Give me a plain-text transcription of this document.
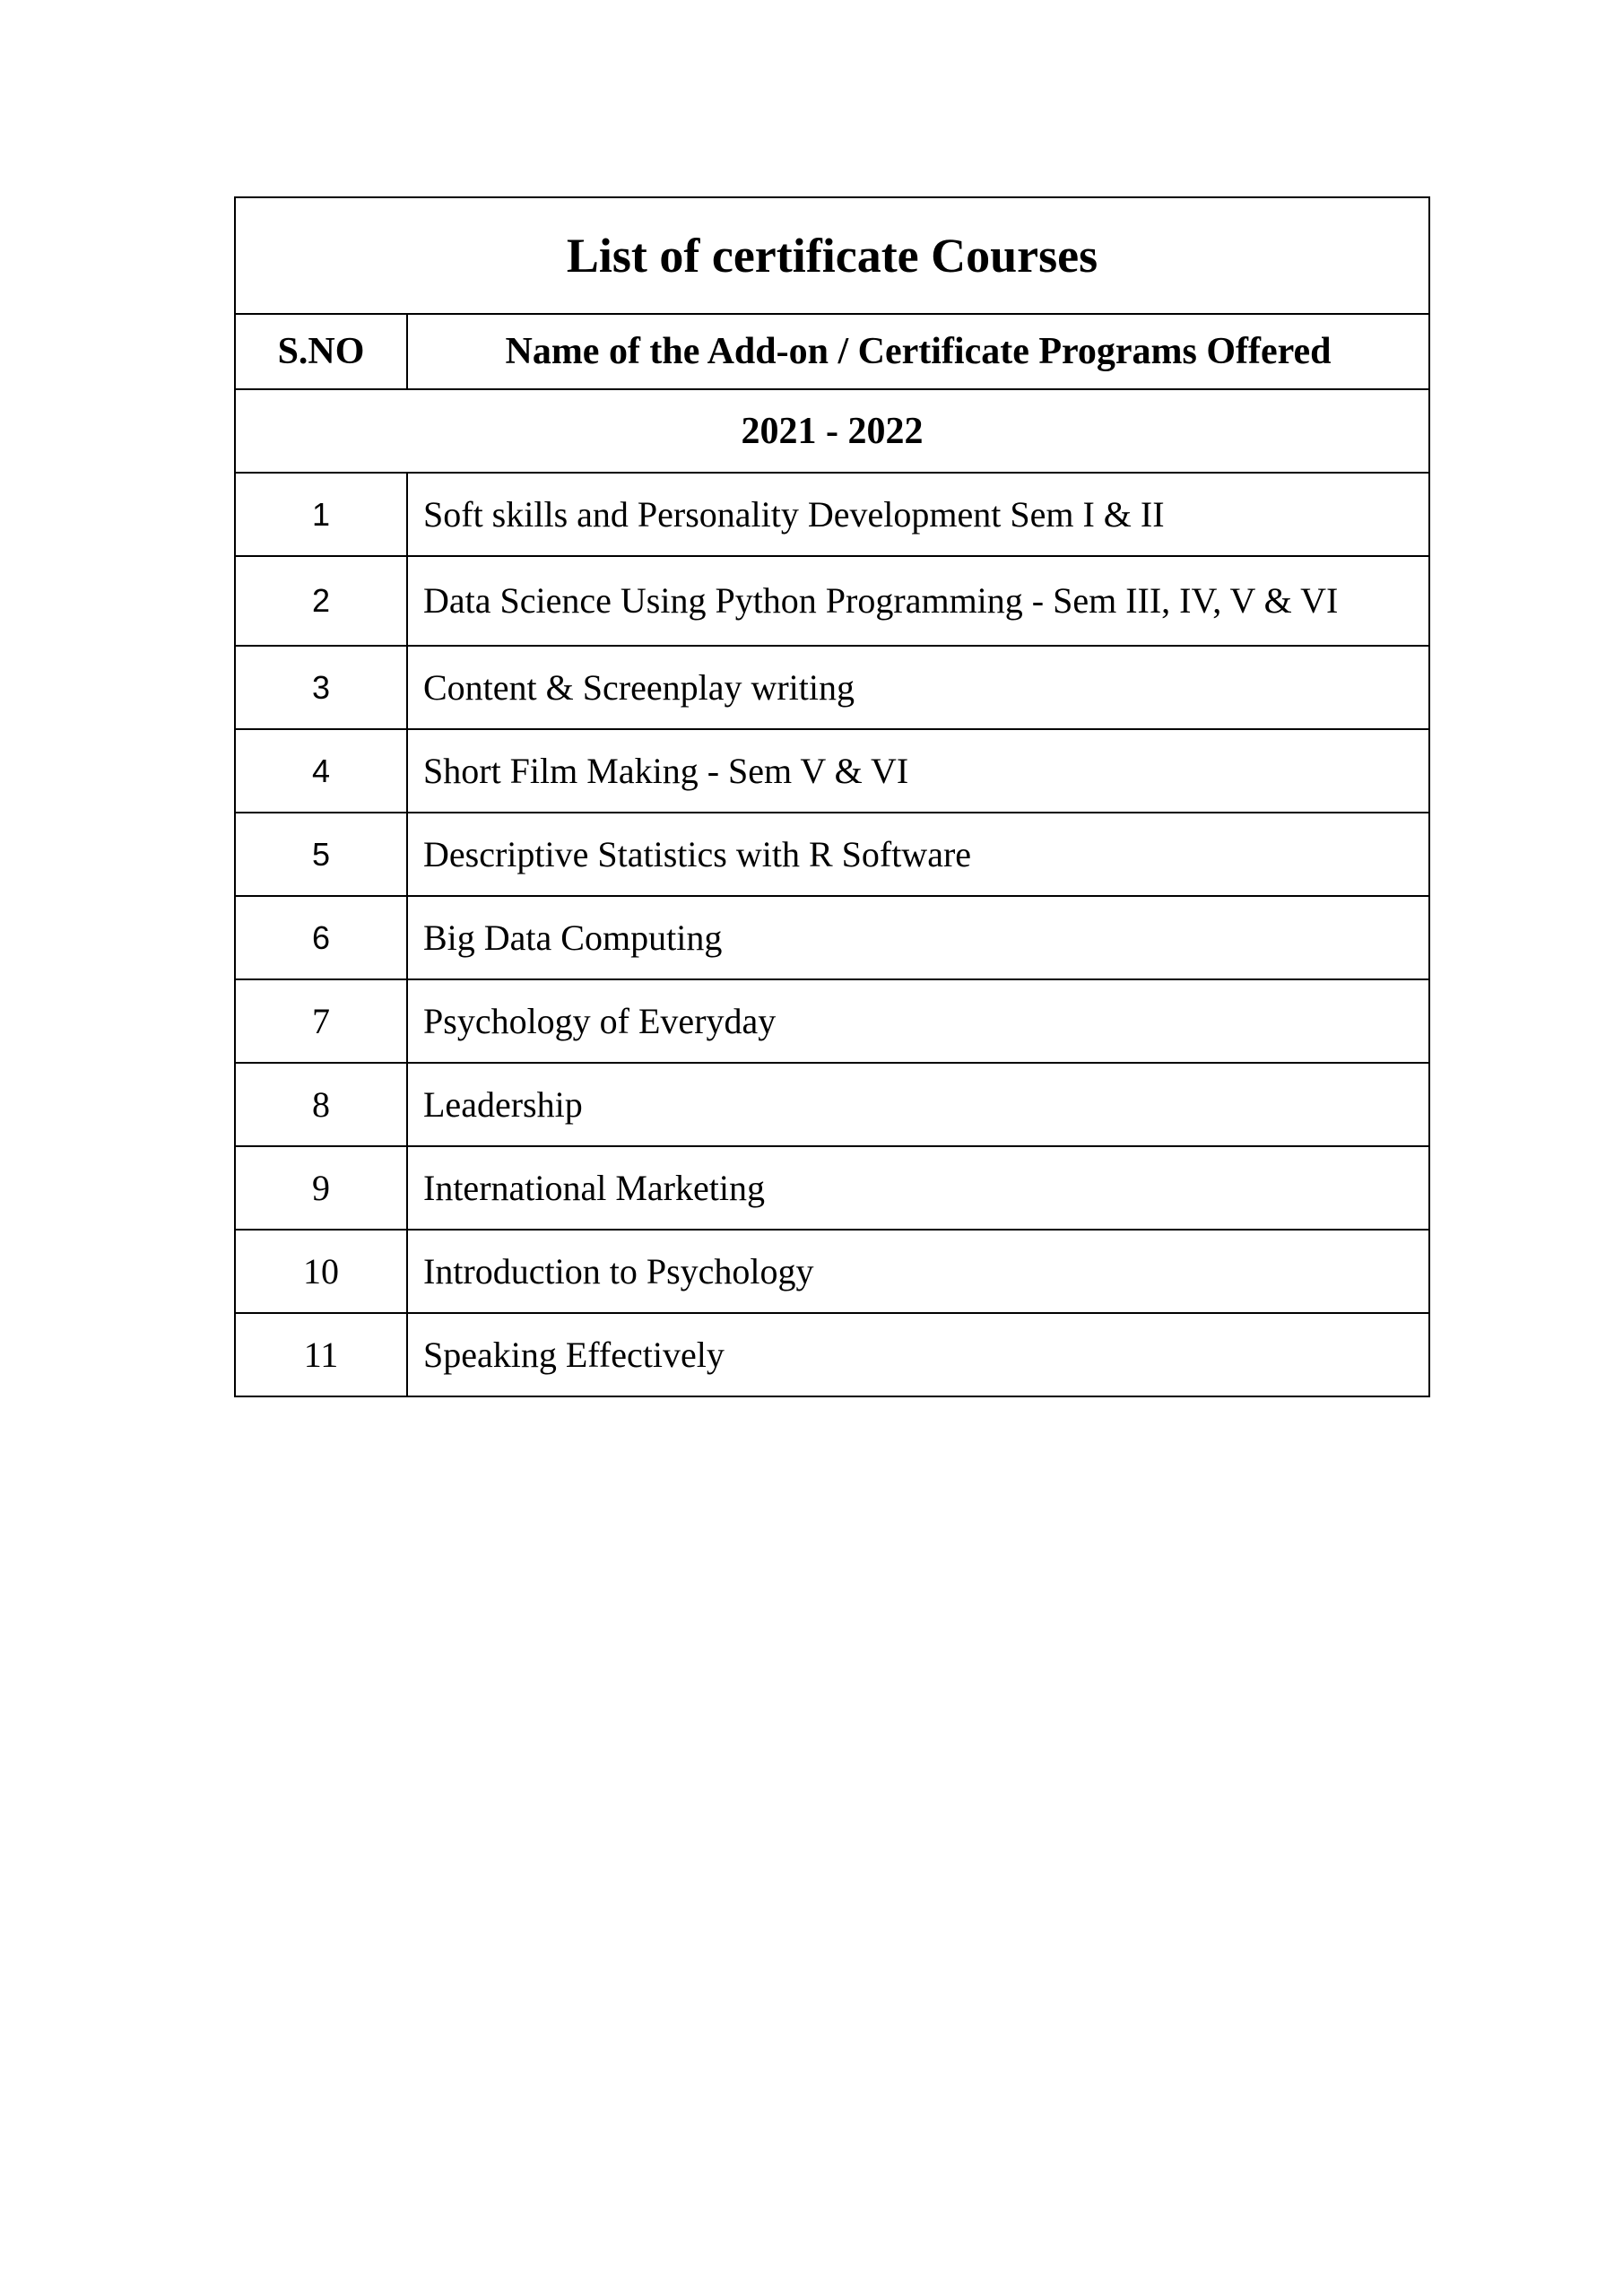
List of certificate Courses	
S.NO	Name of the Add-on / Certificate Programs Offered
2021 - 2022	
1	Soft skills and Personality Development Sem I & II
2	Data Science Using Python Programming - Sem III, IV, V & VI
3	Content & Screenplay writing
4	Short Film Making - Sem V & VI
5	Descriptive Statistics with R Software
6	Big Data Computing
7	Psychology of Everyday
8	Leadership
9	International Marketing
10	Introduction to Psychology
11	Speaking Effectively
